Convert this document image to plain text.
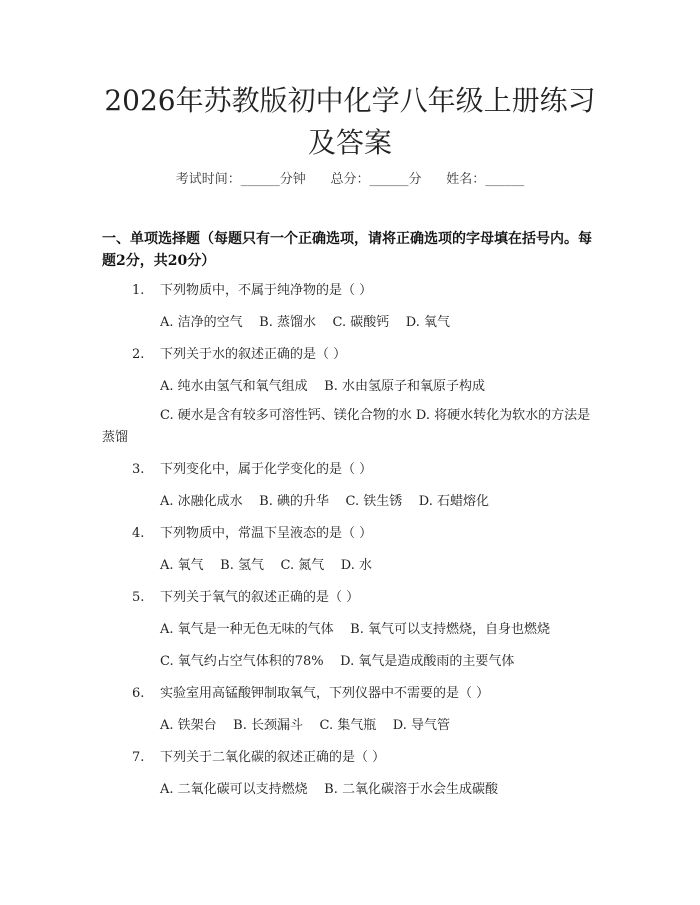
2026年苏教版初中化学八年级上册练习及答案
考试时间：______分钟      总分：______分      姓名：______
一、单项选择题（每题只有一个正确选项，请将正确选项的字母填在括号内。每题2分，共20分）
1. 下列物质中，不属于纯净物的是（ ）
A. 洁净的空气    B. 蒸馏水    C. 碳酸钙    D. 氧气
2. 下列关于水的叙述正确的是（ ）
A. 纯水由氢气和氧气组成    B. 水由氢原子和氧原子构成
C. 硬水是含有较多可溶性钙、镁化合物的水 D. 将硬水转化为软水的方法是蒸馏
3. 下列变化中，属于化学变化的是（ ）
A. 冰融化成水    B. 碘的升华    C. 铁生锈    D. 石蜡熔化
4. 下列物质中，常温下呈液态的是（ ）
A. 氧气    B. 氢气    C. 氮气    D. 水
5. 下列关于氧气的叙述正确的是（ ）
A. 氧气是一种无色无味的气体    B. 氧气可以支持燃烧，自身也燃烧
C. 氧气约占空气体积的78%    D. 氧气是造成酸雨的主要气体
6. 实验室用高锰酸钾制取氧气，下列仪器中不需要的是（ ）
A. 铁架台    B. 长颈漏斗    C. 集气瓶    D. 导气管
7. 下列关于二氧化碳的叙述正确的是（ ）
A. 二氧化碳可以支持燃烧    B. 二氧化碳溶于水会生成碳酸
